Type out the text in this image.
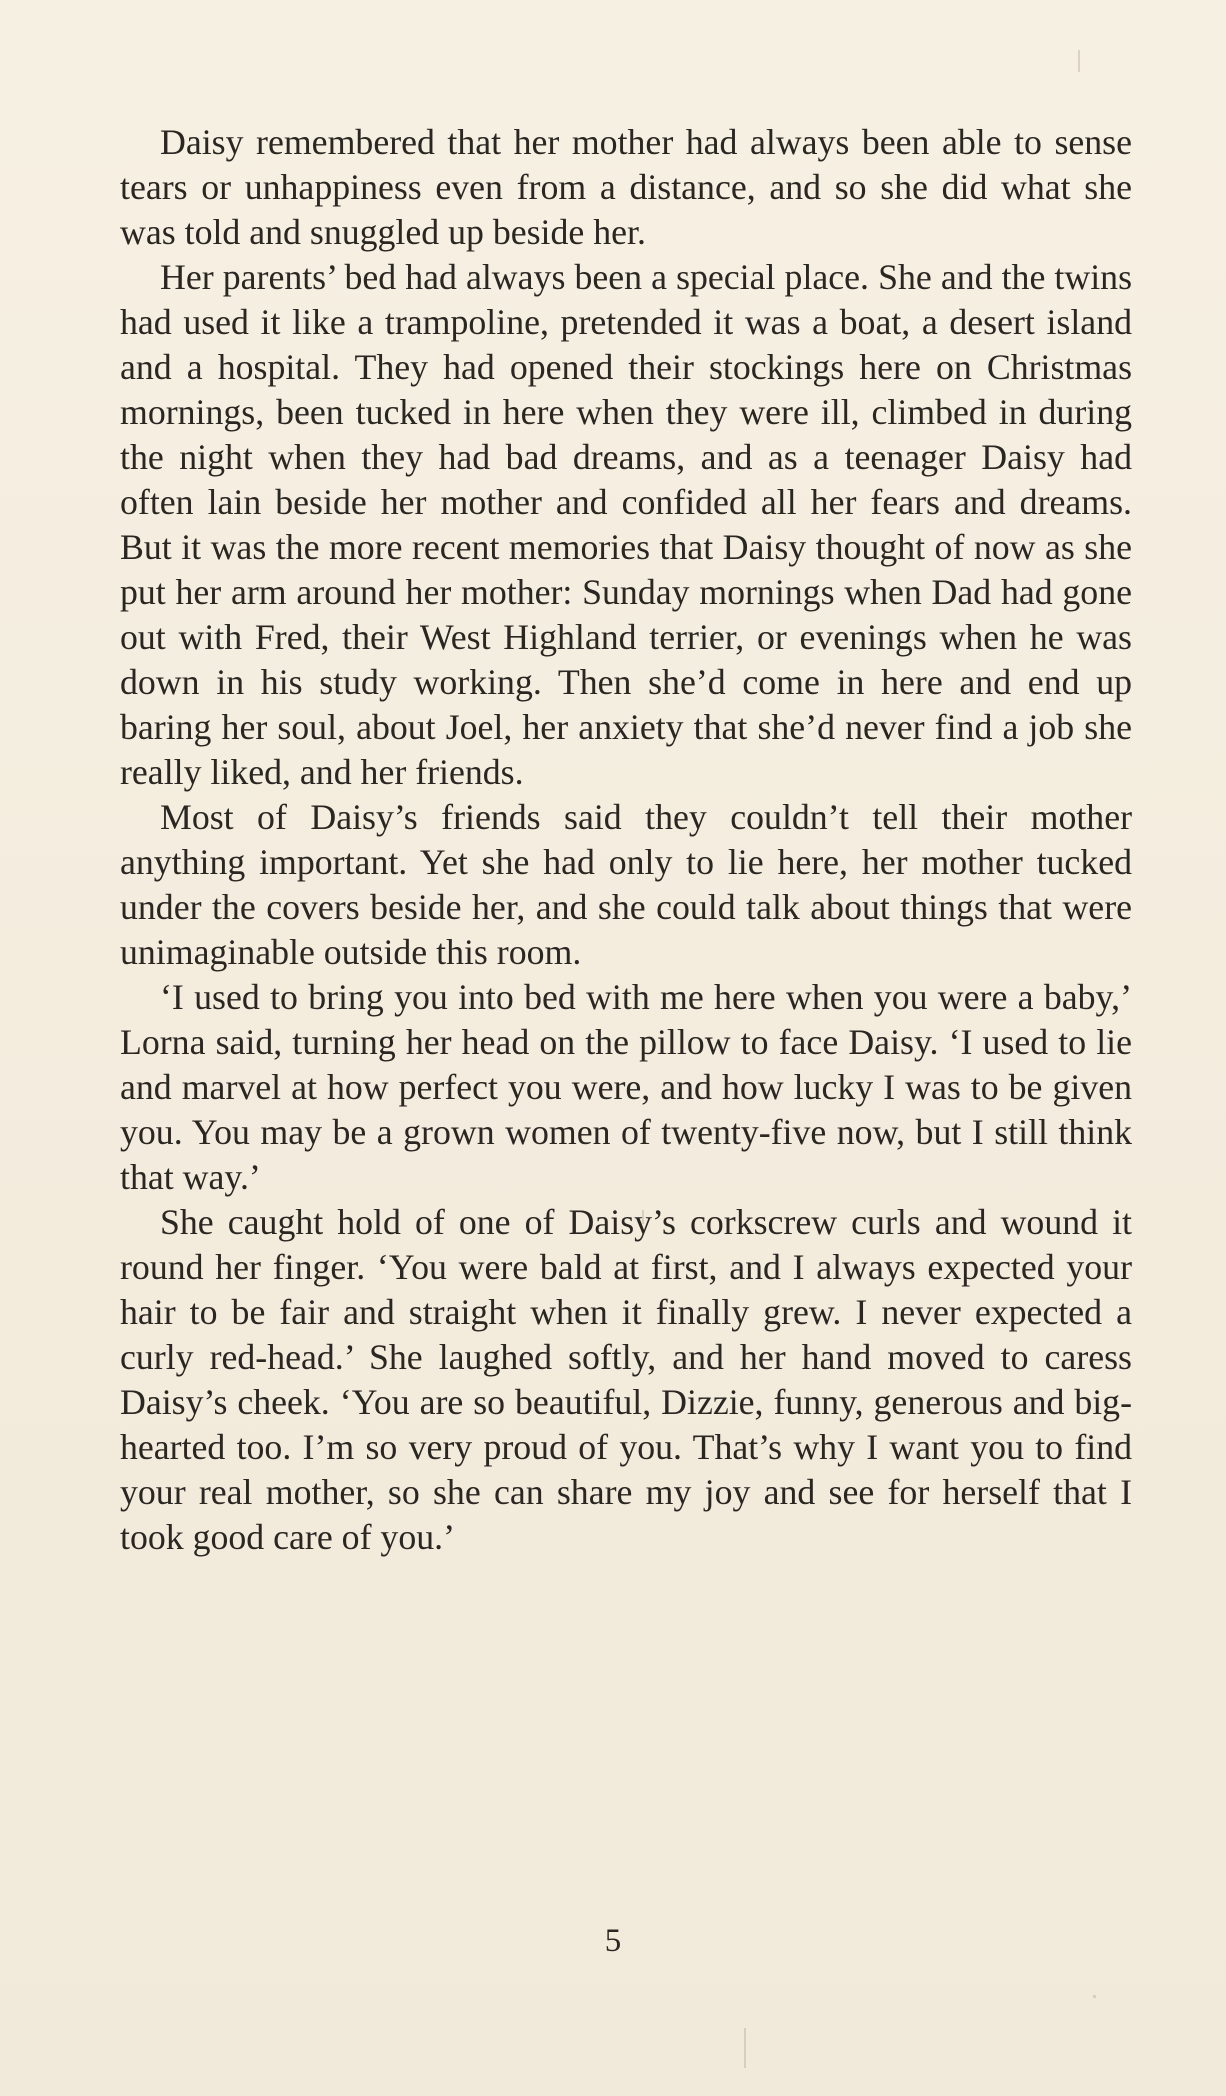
Daisy remembered that her mother had always been able to sense tears or unhappiness even from a distance, and so she did what she was told and snuggled up beside her.

Her parents’ bed had always been a special place. She and the twins had used it like a trampoline, pretended it was a boat, a desert island and a hospital. They had opened their stockings here on Christmas mornings, been tucked in here when they were ill, climbed in during the night when they had bad dreams, and as a teenager Daisy had often lain beside her mother and confided all her fears and dreams. But it was the more recent memories that Daisy thought of now as she put her arm around her mother: Sunday mornings when Dad had gone out with Fred, their West Highland terrier, or evenings when he was down in his study working. Then she’d come in here and end up baring her soul, about Joel, her anxiety that she’d never find a job she really liked, and her friends.

Most of Daisy’s friends said they couldn’t tell their mother anything important. Yet she had only to lie here, her mother tucked under the covers beside her, and she could talk about things that were unimaginable outside this room.

‘I used to bring you into bed with me here when you were a baby,’ Lorna said, turning her head on the pillow to face Daisy. ‘I used to lie and marvel at how perfect you were, and how lucky I was to be given you. You may be a grown women of twenty-five now, but I still think that way.’

She caught hold of one of Daisy’s corkscrew curls and wound it round her finger. ‘You were bald at first, and I always expected your hair to be fair and straight when it finally grew. I never expected a curly red-head.’ She laughed softly, and her hand moved to caress Daisy’s cheek. ‘You are so beautiful, Dizzie, funny, generous and big-hearted too. I’m so very proud of you. That’s why I want you to find your real mother, so she can share my joy and see for herself that I took good care of you.’

5
